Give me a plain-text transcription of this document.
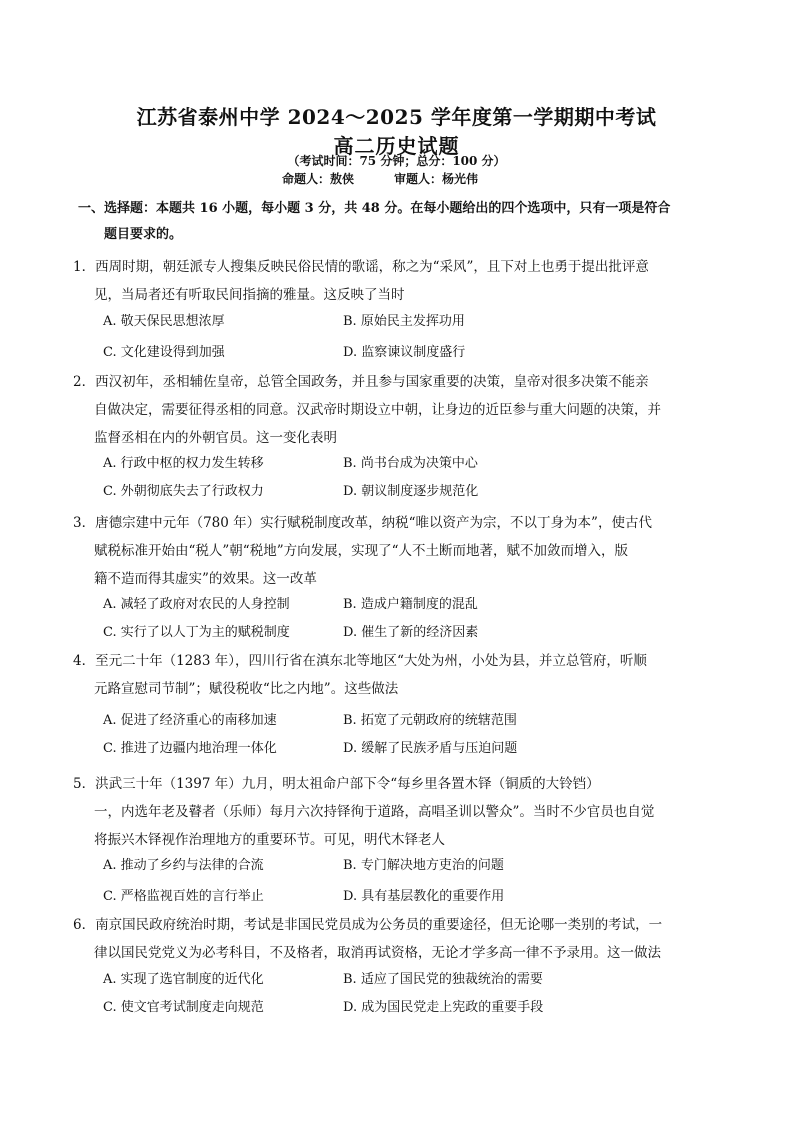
江苏省泰州中学 2024～2025 学年度第一学期期中考试
高二历史试题
（考试时间：75 分钟；总分：100 分）
命题人：敖侠	审题人：杨光伟
一、选择题：本题共 16 小题，每小题 3 分，共 48 分。在每小题给出的四个选项中，只有一项是符合
题目要求的。
1．西周时期，朝廷派专人搜集反映民俗民情的歌谣，称之为“采风”，且下对上也勇于提出批评意
见，当局者还有听取民间指摘的雅量。这反映了当时
A. 敬天保民思想浓厚	B. 原始民主发挥功用
C. 文化建设得到加强	D. 监察谏议制度盛行
2．西汉初年，丞相辅佐皇帝，总管全国政务，并且参与国家重要的决策，皇帝对很多决策不能亲
自做决定，需要征得丞相的同意。汉武帝时期设立中朝，让身边的近臣参与重大问题的决策，并
监督丞相在内的外朝官员。这一变化表明
A. 行政中枢的权力发生转移	B. 尚书台成为决策中心
C. 外朝彻底失去了行政权力	D. 朝议制度逐步规范化
3．唐德宗建中元年（780 年）实行赋税制度改革，纳税“唯以资产为宗，不以丁身为本”，使古代
赋税标准开始由“税人”朝“税地”方向发展，实现了“人不土断而地著，赋不加敛而增入，版
籍不造而得其虚实”的效果。这一改革
A. 减轻了政府对农民的人身控制	B. 造成户籍制度的混乱
C. 实行了以人丁为主的赋税制度	D. 催生了新的经济因素
4．至元二十年（1283 年），四川行省在滇东北等地区“大处为州，小处为县，并立总管府，听顺
元路宣慰司节制”；赋役税收“比之内地”。这些做法
A. 促进了经济重心的南移加速	B. 拓宽了元朝政府的统辖范围
C. 推进了边疆内地治理一体化	D. 缓解了民族矛盾与压迫问题
5．洪武三十年（1397 年）九月，明太祖命户部下令“每乡里各置木铎（铜质的大铃铛）
一，内选年老及瞽者（乐师）每月六次持铎徇于道路，高唱圣训以警众”。当时不少官员也自觉
将振兴木铎视作治理地方的重要环节。可见，明代木铎老人
A. 推动了乡约与法律的合流	B. 专门解决地方吏治的问题
C. 严格监视百姓的言行举止	D. 具有基层教化的重要作用
6．南京国民政府统治时期，考试是非国民党员成为公务员的重要途径，但无论哪一类别的考试，一
律以国民党党义为必考科目，不及格者，取消再试资格，无论才学多高一律不予录用。这一做法
A. 实现了选官制度的近代化	B. 适应了国民党的独裁统治的需要
C. 使文官考试制度走向规范	D. 成为国民党走上宪政的重要手段
